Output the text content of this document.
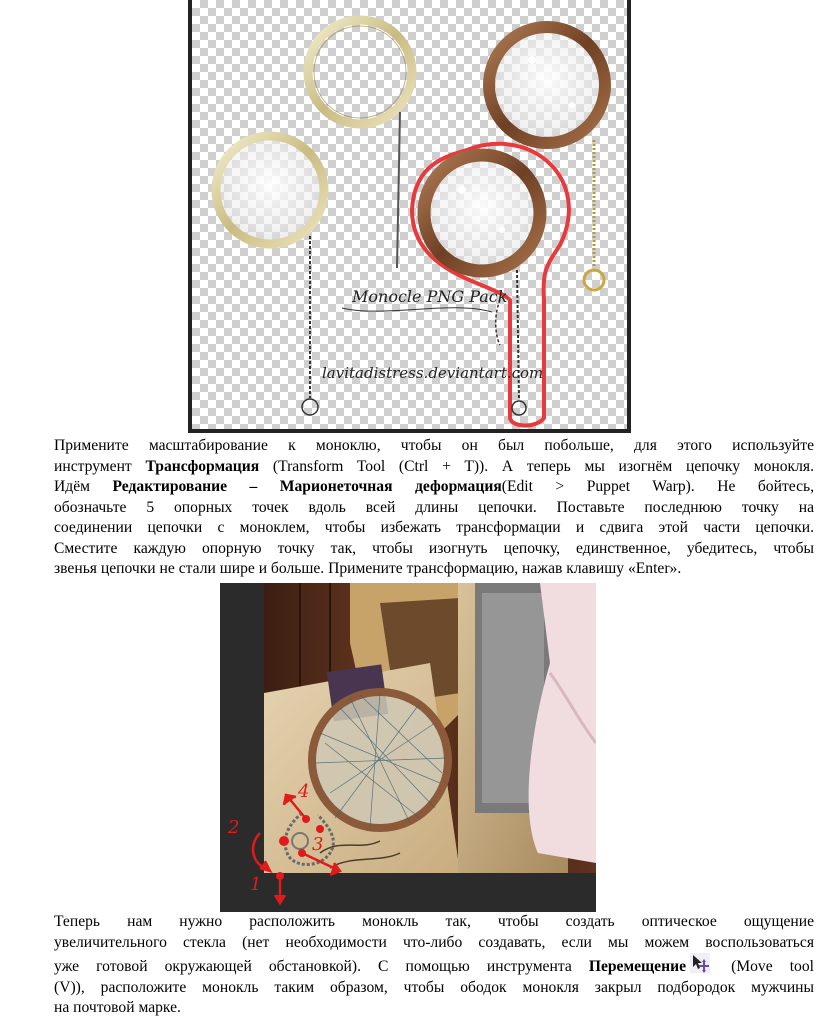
Monocle PNG Pack
lavitadistress.deviantart.com
Примените масштабирование к моноклю, чтобы он был побольше, для этого используйте
инструмент Трансформация (Transform Tool (Ctrl + T)). А теперь мы изогнём цепочку монокля.
Идём Редактирование – Марионеточная деформация(Edit > Puppet Warp). Не бойтесь,
обозначьте 5 опорных точек вдоль всей длины цепочки. Поставьте последнюю точку на
соединении цепочки с моноклем, чтобы избежать трансформации и сдвига этой части цепочки.
Сместите каждую опорную точку так, чтобы изогнуть цепочку, единственное, убедитесь, чтобы
звенья цепочки не стали шире и больше. Примените трансформацию, нажав клавишу «Enter».
1
2
3
4
Теперь нам нужно расположить монокль так, чтобы создать оптическое ощущение
увеличительного стекла (нет необходимости что-либо создавать, если мы можем воспользоваться
уже готовой окружающей обстановкой). С помощью инструмента Перемещение (Move tool
(V)), расположите монокль таким образом, чтобы ободок монокля закрыл подбородок мужчины
на почтовой марке.
